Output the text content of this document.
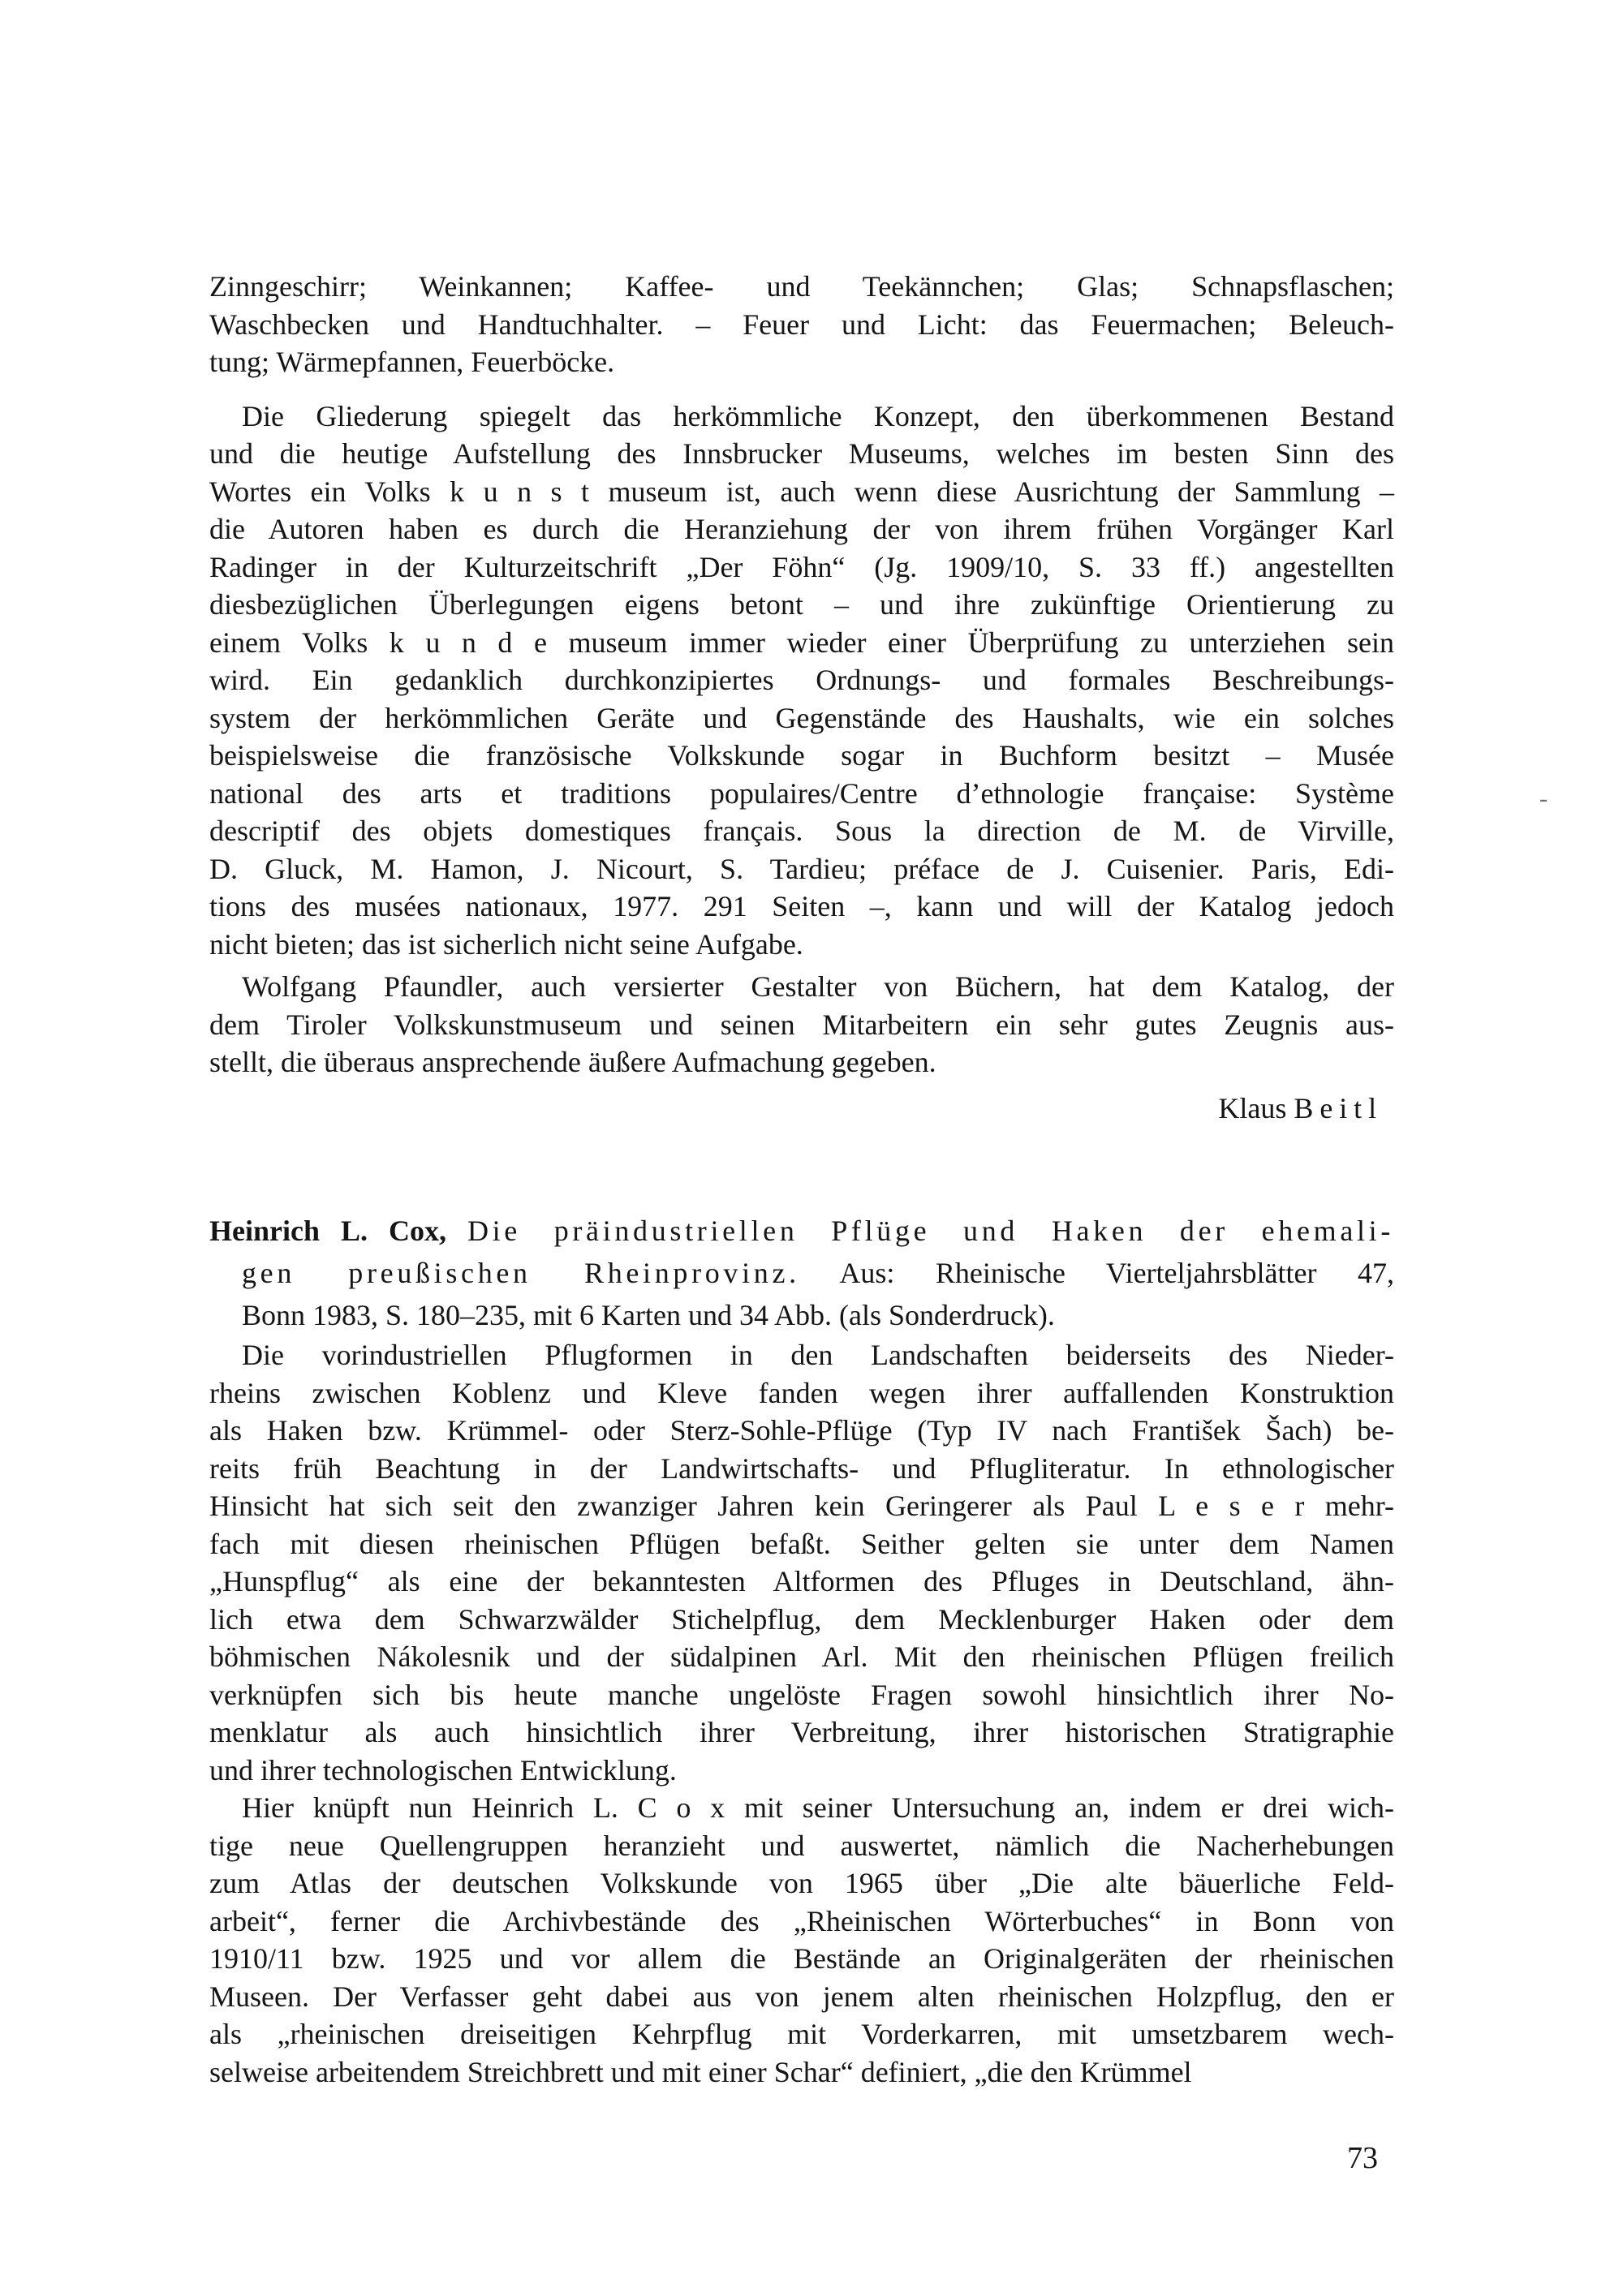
Zinngeschirr; Weinkannen; Kaffee- und Teekännchen; Glas; Schnapsflaschen;
Waschbecken und Handtuchhalter. – Feuer und Licht: das Feuermachen; Beleuch-
tung; Wärmepfannen, Feuerböcke.
Die Gliederung spiegelt das herkömmliche Konzept, den überkommenen Bestand
und die heutige Aufstellung des Innsbrucker Museums, welches im besten Sinn des
Wortes ein Volks k u n s t museum ist, auch wenn diese Ausrichtung der Sammlung –
die Autoren haben es durch die Heranziehung der von ihrem frühen Vorgänger Karl
Radinger in der Kulturzeitschrift „Der Föhn“ (Jg. 1909/10, S. 33 ff.) angestellten
diesbezüglichen Überlegungen eigens betont – und ihre zukünftige Orientierung zu
einem Volks k u n d e museum immer wieder einer Überprüfung zu unterziehen sein
wird. Ein gedanklich durchkonzipiertes Ordnungs- und formales Beschreibungs-
system der herkömmlichen Geräte und Gegenstände des Haushalts, wie ein solches
beispielsweise die französische Volkskunde sogar in Buchform besitzt – Musée
national des arts et traditions populaires/Centre d’ethnologie française: Système
descriptif des objets domestiques français. Sous la direction de M. de Virville,
D. Gluck, M. Hamon, J. Nicourt, S. Tardieu; préface de J. Cuisenier. Paris, Edi-
tions des musées nationaux, 1977. 291 Seiten –, kann und will der Katalog jedoch
nicht bieten; das ist sicherlich nicht seine Aufgabe.
Wolfgang Pfaundler, auch versierter Gestalter von Büchern, hat dem Katalog, der
dem Tiroler Volkskunstmuseum und seinen Mitarbeitern ein sehr gutes Zeugnis aus-
stellt, die überaus ansprechende äußere Aufmachung gegeben.
Klaus Beitl
Heinrich L. Cox, Die präindustriellen Pflüge und Haken der ehemali-
gen preußischen Rheinprovinz. Aus: Rheinische Vierteljahrsblätter 47,
Bonn 1983, S. 180–235, mit 6 Karten und 34 Abb. (als Sonderdruck).
Die vorindustriellen Pflugformen in den Landschaften beiderseits des Nieder-
rheins zwischen Koblenz und Kleve fanden wegen ihrer auffallenden Konstruktion
als Haken bzw. Krümmel- oder Sterz-Sohle-Pflüge (Typ IV nach František Šach) be-
reits früh Beachtung in der Landwirtschafts- und Pflugliteratur. In ethnologischer
Hinsicht hat sich seit den zwanziger Jahren kein Geringerer als Paul L e s e r mehr-
fach mit diesen rheinischen Pflügen befaßt. Seither gelten sie unter dem Namen
„Hunspflug“ als eine der bekanntesten Altformen des Pfluges in Deutschland, ähn-
lich etwa dem Schwarzwälder Stichelpflug, dem Mecklenburger Haken oder dem
böhmischen Nákolesnik und der südalpinen Arl. Mit den rheinischen Pflügen freilich
verknüpfen sich bis heute manche ungelöste Fragen sowohl hinsichtlich ihrer No-
menklatur als auch hinsichtlich ihrer Verbreitung, ihrer historischen Stratigraphie
und ihrer technologischen Entwicklung.
Hier knüpft nun Heinrich L. C o x mit seiner Untersuchung an, indem er drei wich-
tige neue Quellengruppen heranzieht und auswertet, nämlich die Nacherhebungen
zum Atlas der deutschen Volkskunde von 1965 über „Die alte bäuerliche Feld-
arbeit“, ferner die Archivbestände des „Rheinischen Wörterbuches“ in Bonn von
1910/11 bzw. 1925 und vor allem die Bestände an Originalgeräten der rheinischen
Museen. Der Verfasser geht dabei aus von jenem alten rheinischen Holzpflug, den er
als „rheinischen dreiseitigen Kehrpflug mit Vorderkarren, mit umsetzbarem wech-
selweise arbeitendem Streichbrett und mit einer Schar“ definiert, „die den Krümmel
-
73
